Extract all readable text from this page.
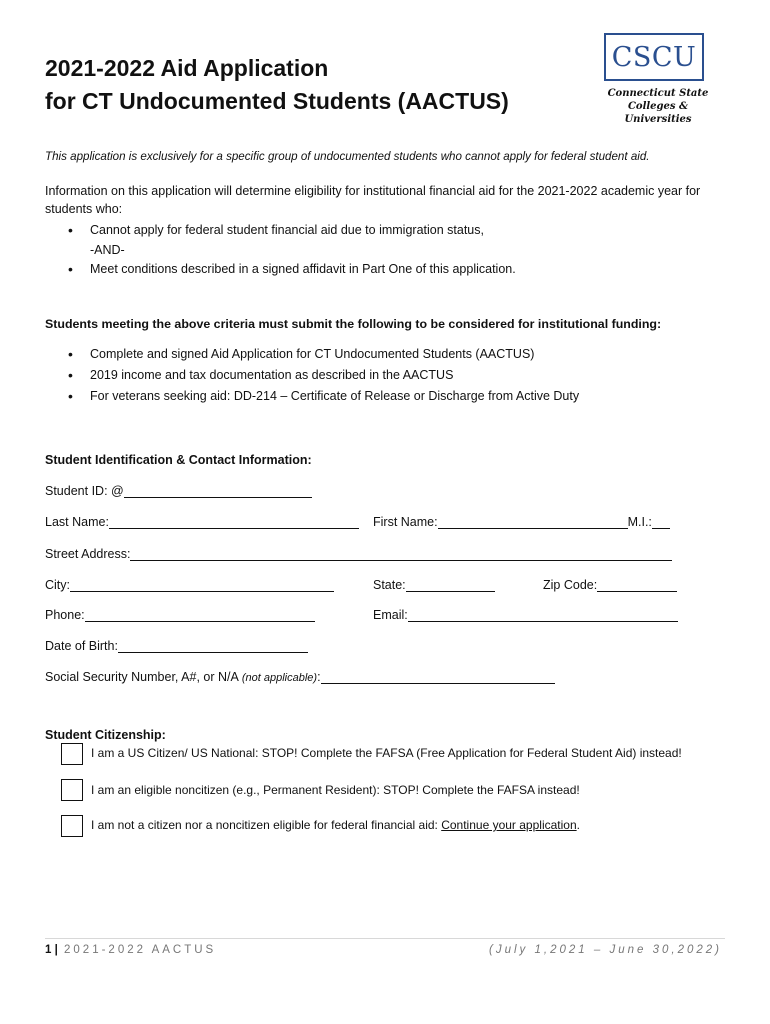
2021-2022 Aid Application
for CT Undocumented Students (AACTUS)
CSCU
Connecticut State
Colleges & Universities
This application is exclusively for a specific group of undocumented students who cannot apply for federal student aid.
Information on this application will determine eligibility for institutional financial aid for the 2021-2022 academic year for students who:
• Cannot apply for federal student financial aid due to immigration status,
-AND-
• Meet conditions described in a signed affidavit in Part One of this application.
Students meeting the above criteria must submit the following to be considered for institutional funding:
• Complete and signed Aid Application for CT Undocumented Students (AACTUS)
• 2019 income and tax documentation as described in the AACTUS
• For veterans seeking aid: DD-214 – Certificate of Release or Discharge from Active Duty
Student Identification & Contact Information:
Student ID: @
Last Name:	First Name:	M.I.:
Street Address:
City:	State:	Zip Code:
Phone:	Email:
Date of Birth:
Social Security Number, A#, or N/A (not applicable) :
Student Citizenship:
I am a US Citizen/ US National: STOP! Complete the FAFSA (Free Application for Federal Student Aid) instead!
I am an eligible noncitizen (e.g., Permanent Resident): STOP! Complete the FAFSA instead!
I am not a citizen nor a noncitizen eligible for federal financial aid: Continue your application.
1 | 2021-2022 AACTUS	(July 1,2021 – June 30,2022)
